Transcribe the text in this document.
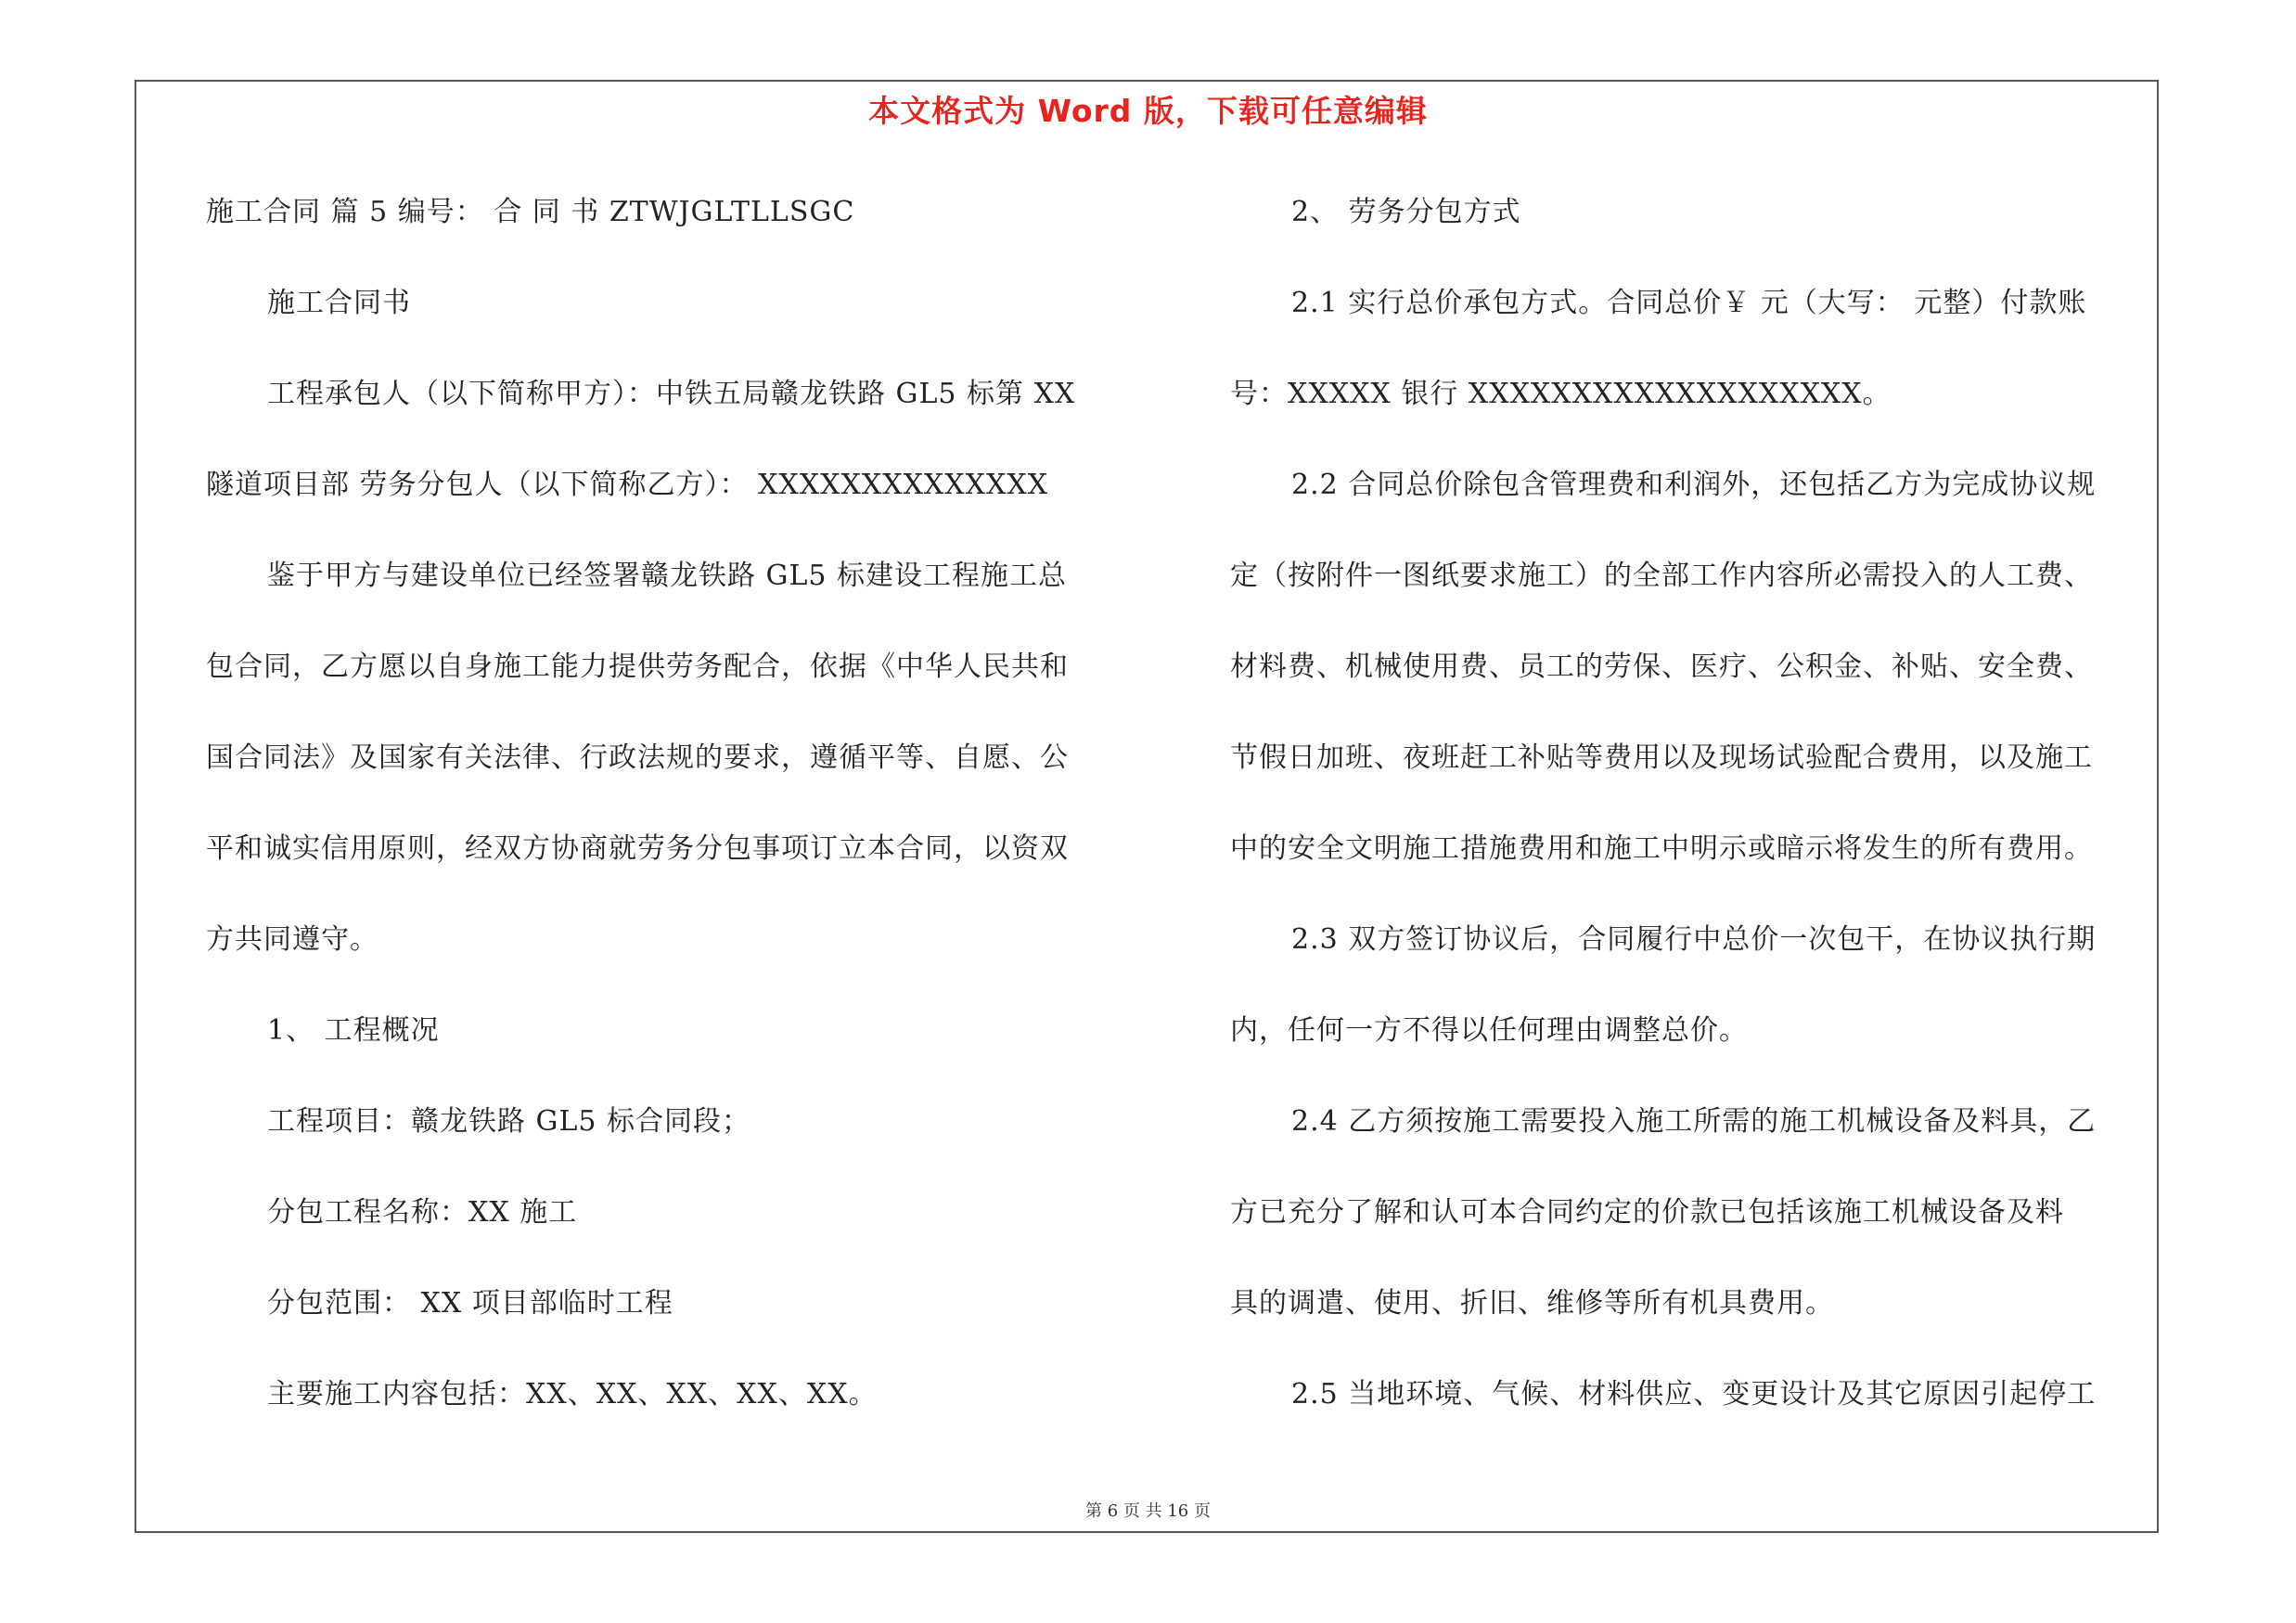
本文格式为 Word 版，下载可任意编辑
施工合同 篇 5 编号： 合 同 书 ZTWJGLTLLSGC
施工合同书
工程承包人（以下简称甲方）：中铁五局赣龙铁路 GL5 标第 XX
隧道项目部 劳务分包人（以下简称乙方）： XXXXXXXXXXXXXX
鉴于甲方与建设单位已经签署赣龙铁路 GL5 标建设工程施工总
包合同，乙方愿以自身施工能力提供劳务配合，依据《中华人民共和
国合同法》及国家有关法律、行政法规的要求，遵循平等、自愿、公
平和诚实信用原则，经双方协商就劳务分包事项订立本合同，以资双
方共同遵守。
1、 工程概况
工程项目：赣龙铁路 GL5 标合同段；
分包工程名称：XX 施工
分包范围： XX 项目部临时工程
主要施工内容包括：XX、XX、XX、XX、XX。
2、 劳务分包方式
2.1 实行总价承包方式。合同总价￥ 元（大写： 元整）付款账
号：XXXXX 银行 XXXXXXXXXXXXXXXXXXX。
2.2 合同总价除包含管理费和利润外，还包括乙方为完成协议规
定（按附件一图纸要求施工）的全部工作内容所必需投入的人工费、
材料费、机械使用费、员工的劳保、医疗、公积金、补贴、安全费、
节假日加班、夜班赶工补贴等费用以及现场试验配合费用，以及施工
中的安全文明施工措施费用和施工中明示或暗示将发生的所有费用。
2.3 双方签订协议后，合同履行中总价一次包干，在协议执行期
内，任何一方不得以任何理由调整总价。
2.4 乙方须按施工需要投入施工所需的施工机械设备及料具，乙
方已充分了解和认可本合同约定的价款已包括该施工机械设备及料
具的调遣、使用、折旧、维修等所有机具费用。
2.5 当地环境、气候、材料供应、变更设计及其它原因引起停工
第 6 页 共 16 页
